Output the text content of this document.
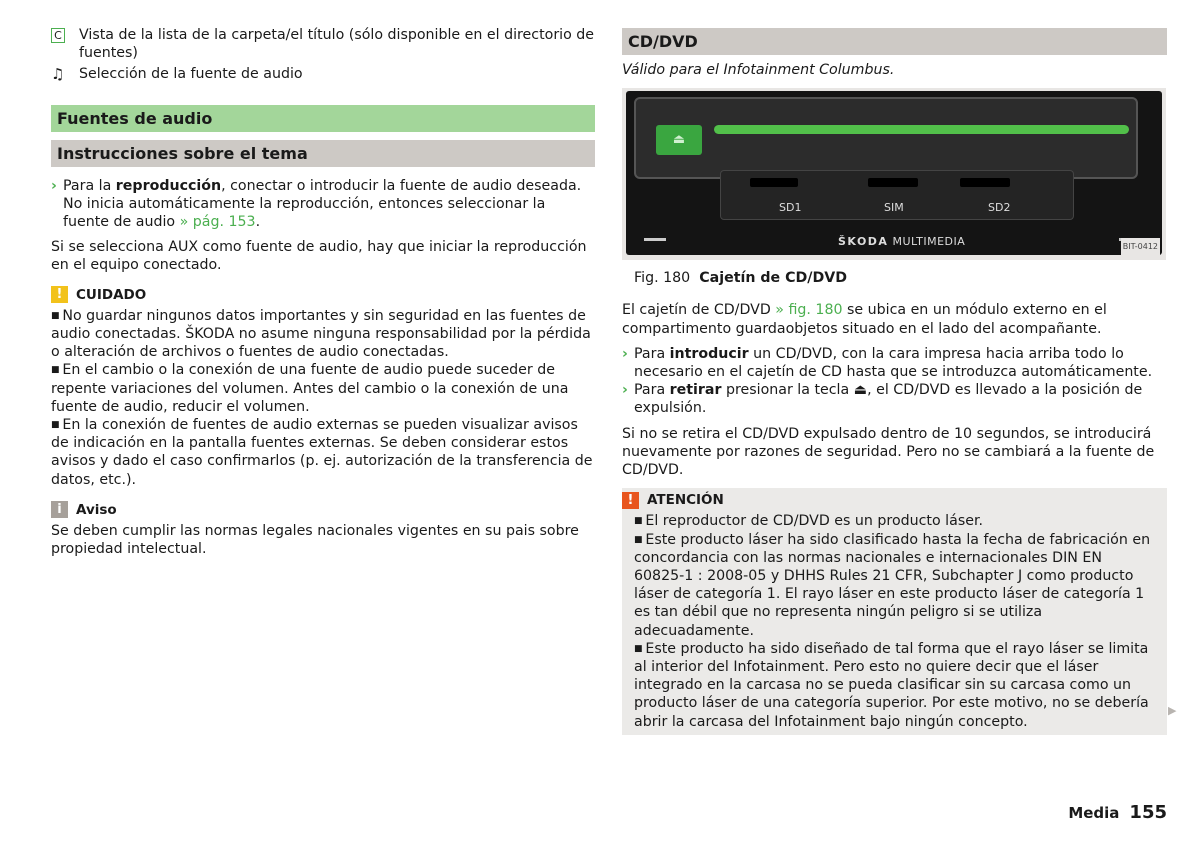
C	Vista de la lista de la carpeta/el título (sólo disponible en el directorio de fuentes)

♫	Selección de la fuente de audio

Fuentes de audio
Instrucciones sobre el tema
› Para la reproducción, conectar o introducir la fuente de audio deseada. No inicia automáticamente la reproducción, entonces seleccionar la fuente de audio » pág. 153.

Si se selecciona AUX como fuente de audio, hay que iniciar la reproducción en el equipo conectado.

!	CUIDADO

■ No guardar ningunos datos importantes y sin seguridad en las fuentes de audio conectadas. ŠKODA no asume ninguna responsabilidad por la pérdida o alteración de archivos o fuentes de audio conectadas.

■ En el cambio o la conexión de una fuente de audio puede suceder de repente variaciones del volumen. Antes del cambio o la conexión de una fuente de audio, reducir el volumen.

■ En la conexión de fuentes de audio externas se pueden visualizar avisos de indicación en la pantalla fuentes externas. Se deben considerar estos avisos y dado el caso confirmarlos (p. ej. autorización de la transferencia de datos, etc.).

i	Aviso

Se deben cumplir las normas legales nacionales vigentes en su pais sobre propiedad intelectual.

CD/DVD

Válido para el Infotainment Columbus.

⏏
SD1	SIM	SD2
ŠKODA MULTIMEDIA	BIT-0412

Fig. 180 Cajetín de CD/DVD

El cajetín de CD/DVD » fig. 180 se ubica en un módulo externo en el compartimento guardaobjetos situado en el lado del acompañante.

› Para introducir un CD/DVD, con la cara impresa hacia arriba todo lo necesario en el cajetín de CD hasta que se introduzca automáticamente.

› Para retirar presionar la tecla ⏏, el CD/DVD es llevado a la posición de expulsión.

Si no se retira el CD/DVD expulsado dentro de 10 segundos, se introducirá nuevamente por razones de seguridad. Pero no se cambiará a la fuente de CD/DVD.

!	ATENCIÓN

■ El reproductor de CD/DVD es un producto láser.

■ Este producto láser ha sido clasificado hasta la fecha de fabricación en concordancia con las normas nacionales e internacionales DIN EN 60825-1 : 2008-05 y DHHS Rules 21 CFR, Subchapter J como producto láser de categoría 1. El rayo láser en este producto láser de categoría 1 es tan débil que no representa ningún peligro si se utiliza adecuadamente.

■ Este producto ha sido diseñado de tal forma que el rayo láser se limita al interior del Infotainment. Pero esto no quiere decir que el láser integrado en la carcasa no se pueda clasificar sin su carcasa como un producto láser de una categoría superior. Por este motivo, no se debería abrir la carcasa del Infotainment bajo ningún concepto.

▶
Media 155
